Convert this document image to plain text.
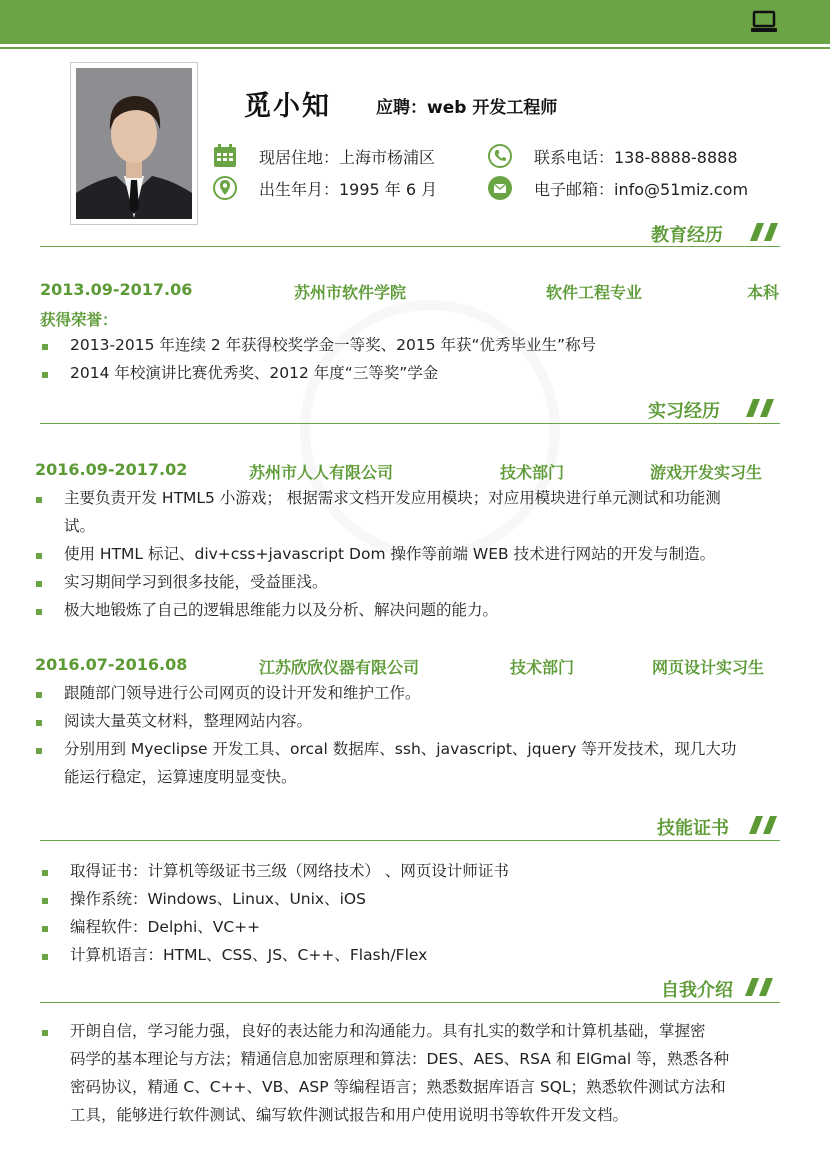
觅小知	应聘：web 开发工程师
现居住地：上海市杨浦区	联系电话：138-8888-8888
出生年月：1995 年 6 月	电子邮箱：info@51miz.com
教育经历
2013.09-2017.06	苏州市软件学院	软件工程专业	本科
获得荣誉：
2013-2015 年连续 2 年获得校奖学金一等奖、2015 年获“优秀毕业生”称号
2014 年校演讲比赛优秀奖、2012 年度“三等奖”学金
实习经历
2016.09-2017.02	苏州市人人有限公司	技术部门	游戏开发实习生
主要负责开发 HTML5 小游戏； 根据需求文档开发应用模块；对应用模块进行单元测试和功能测
试。
使用 HTML 标记、div+css+javascript Dom 操作等前端 WEB 技术进行网站的开发与制造。
实习期间学习到很多技能，受益匪浅。
极大地锻炼了自己的逻辑思维能力以及分析、解决问题的能力。
2016.07-2016.08	江苏欣欣仪器有限公司	技术部门	网页设计实习生
跟随部门领导进行公司网页的设计开发和维护工作。
阅读大量英文材料，整理网站内容。
分别用到 Myeclipse 开发工具、orcal 数据库、ssh、javascript、jquery 等开发技术，现几大功
能运行稳定，运算速度明显变快。
技能证书
取得证书：计算机等级证书三级（网络技术） 、网页设计师证书
操作系统：Windows、Linux、Unix、iOS
编程软件：Delphi、VC++
计算机语言：HTML、CSS、JS、C++、Flash/Flex
自我介绍
开朗自信，学习能力强，良好的表达能力和沟通能力。具有扎实的数学和计算机基础，掌握密
码学的基本理论与方法；精通信息加密原理和算法：DES、AES、RSA 和 ElGmal 等，熟悉各种
密码协议，精通 C、C++、VB、ASP 等编程语言；熟悉数据库语言 SQL；熟悉软件测试方法和
工具，能够进行软件测试、编写软件测试报告和用户使用说明书等软件开发文档。
